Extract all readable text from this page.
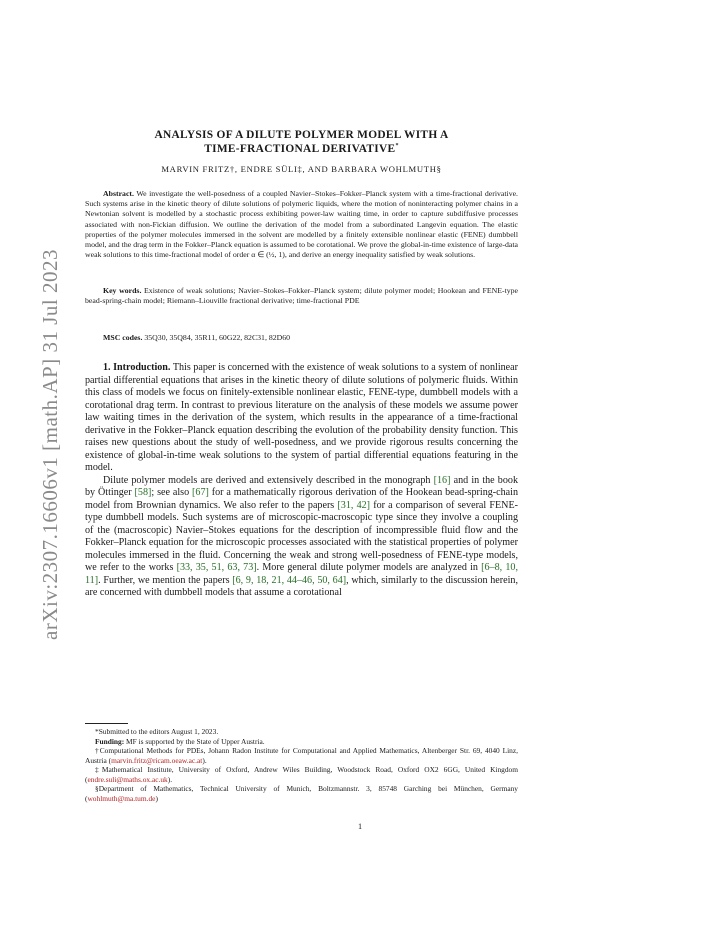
arXiv:2307.16606v1 [math.AP] 31 Jul 2023
ANALYSIS OF A DILUTE POLYMER MODEL WITH A
TIME-FRACTIONAL DERIVATIVE*
MARVIN FRITZ†, ENDRE SÜLI‡, AND BARBARA WOHLMUTH§
Abstract. We investigate the well-posedness of a coupled Navier–Stokes–Fokker–Planck system with a time-fractional derivative. Such systems arise in the kinetic theory of dilute solutions of polymeric liquids, where the motion of noninteracting polymer chains in a Newtonian solvent is modelled by a stochastic process exhibiting power-law waiting time, in order to capture subdiffusive processes associated with non-Fickian diffusion. We outline the derivation of the model from a subordinated Langevin equation. The elastic properties of the polymer molecules immersed in the solvent are modelled by a finitely extensible nonlinear elastic (FENE) dumbbell model, and the drag term in the Fokker–Planck equation is assumed to be corotational. We prove the global-in-time existence of large-data weak solutions to this time-fractional model of order α ∈ (½, 1), and derive an energy inequality satisfied by weak solutions.
Key words. Existence of weak solutions; Navier–Stokes–Fokker–Planck system; dilute polymer model; Hookean and FENE-type bead-spring-chain model; Riemann–Liouville fractional derivative; time-fractional PDE
MSC codes. 35Q30, 35Q84, 35R11, 60G22, 82C31, 82D60

1. Introduction. This paper is concerned with the existence of weak solutions to a system of nonlinear partial differential equations that arises in the kinetic theory of dilute solutions of polymeric fluids. Within this class of models we focus on finitely-extensible nonlinear elastic, FENE-type, dumbbell models with a corotational drag term. In contrast to previous literature on the analysis of these models we assume power law waiting times in the derivation of the system, which results in the appearance of a time-fractional derivative in the Fokker–Planck equation describing the evolution of the probability density function. This raises new questions about the study of well-posedness, and we provide rigorous results concerning the existence of global-in-time weak solutions to the system of partial differential equations featuring in the model.

Dilute polymer models are derived and extensively described in the monograph [16] and in the book by Öttinger [58]; see also [67] for a mathematically rigorous derivation of the Hookean bead-spring-chain model from Brownian dynamics. We also refer to the papers [31, 42] for a comparison of several FENE-type dumbbell models. Such systems are of microscopic-macroscopic type since they involve a coupling of the (macroscopic) Navier–Stokes equations for the description of incompressible fluid flow and the Fokker–Planck equation for the microscopic processes associated with the statistical properties of polymer molecules immersed in the fluid. Concerning the weak and strong well-posedness of FENE-type models, we refer to the works [33, 35, 51, 63, 73]. More general dilute polymer models are analyzed in [6–8, 10, 11]. Further, we mention the papers [6, 9, 18, 21, 44–46, 50, 64], which, similarly to the discussion herein, are concerned with dumbbell models that assume a corotational

*Submitted to the editors August 1, 2023.

Funding: MF is supported by the State of Upper Austria.

†Computational Methods for PDEs, Johann Radon Institute for Computational and Applied Mathematics, Altenberger Str. 69, 4040 Linz, Austria (marvin.fritz@ricam.oeaw.ac.at).

‡Mathematical Institute, University of Oxford, Andrew Wiles Building, Woodstock Road, Oxford OX2 6GG, United Kingdom (endre.suli@maths.ox.ac.uk).

§Department of Mathematics, Technical University of Munich, Boltzmannstr. 3, 85748 Garching bei München, Germany (wohlmuth@ma.tum.de)

1
